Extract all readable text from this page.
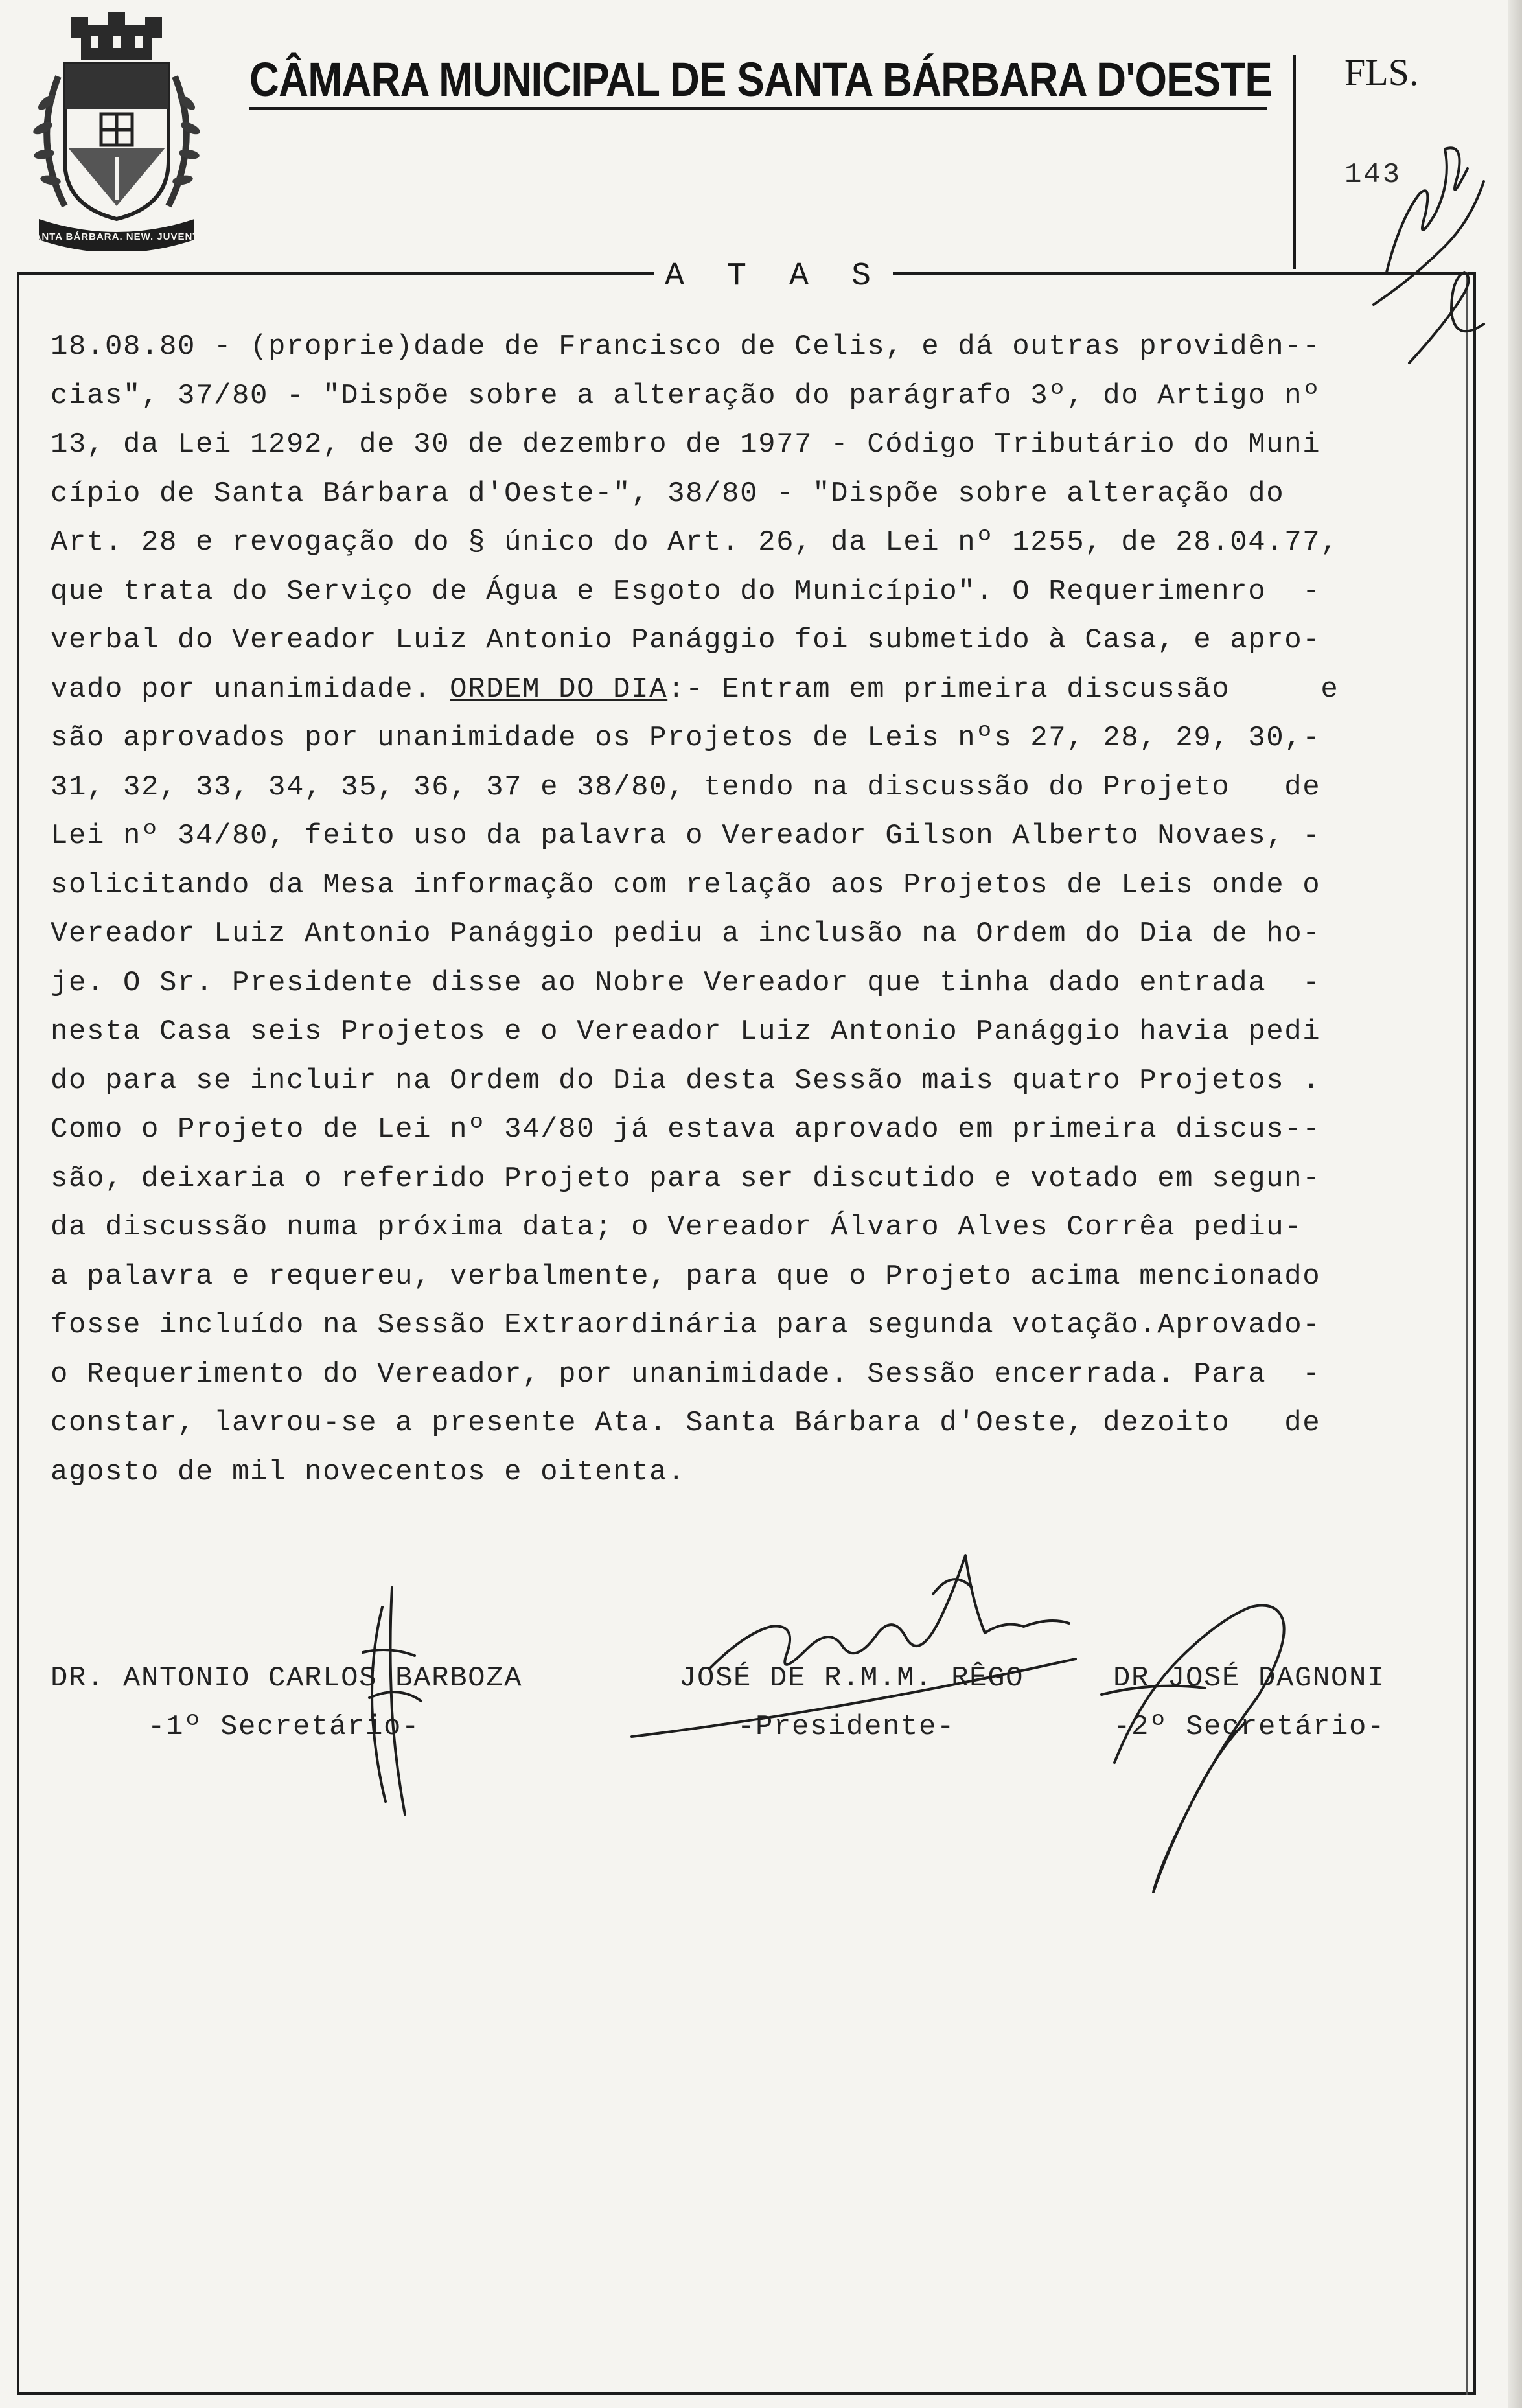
SANTA BÁRBARA. NEW. JUVENTE
CÂMARA MUNICIPAL DE SANTA BÁRBARA D'OESTE FLS.
143
A T A S
18.08.80 - (proprie)dade de Francisco de Celis, e dá outras providên--
cias", 37/80 - "Dispõe sobre a alteração do parágrafo 3º, do Artigo nº
13, da Lei 1292, de 30 de dezembro de 1977 - Código Tributário do Muni
cípio de Santa Bárbara d'Oeste-", 38/80 - "Dispõe sobre alteração do
Art. 28 e revogação do § único do Art. 26, da Lei nº 1255, de 28.04.77,
que trata do Serviço de Água e Esgoto do Município". O Requerimenro  -
verbal do Vereador Luiz Antonio Panággio foi submetido à Casa, e apro-
vado por unanimidade. ORDEM DO DIA:- Entram em primeira discussão     e
são aprovados por unanimidade os Projetos de Leis nºs 27, 28, 29, 30,-
31, 32, 33, 34, 35, 36, 37 e 38/80, tendo na discussão do Projeto   de
Lei nº 34/80, feito uso da palavra o Vereador Gilson Alberto Novaes, -
solicitando da Mesa informação com relação aos Projetos de Leis onde o
Vereador Luiz Antonio Panággio pediu a inclusão na Ordem do Dia de ho-
je. O Sr. Presidente disse ao Nobre Vereador que tinha dado entrada  -
nesta Casa seis Projetos e o Vereador Luiz Antonio Panággio havia pedi
do para se incluir na Ordem do Dia desta Sessão mais quatro Projetos .
Como o Projeto de Lei nº 34/80 já estava aprovado em primeira discus--
são, deixaria o referido Projeto para ser discutido e votado em segun-
da discussão numa próxima data; o Vereador Álvaro Alves Corrêa pediu-
a palavra e requereu, verbalmente, para que o Projeto acima mencionado
fosse incluído na Sessão Extraordinária para segunda votação.Aprovado-
o Requerimento do Vereador, por unanimidade. Sessão encerrada. Para  -
constar, lavrou-se a presente Ata. Santa Bárbara d'Oeste, dezoito   de
agosto de mil novecentos e oitenta.
DR. ANTONIO CARLOS BARBOZA
-1º Secretário-
JOSÉ DE R.M.M. RÊGO
-Presidente-
DR JOSÉ DAGNONI
-2º Secretário-
